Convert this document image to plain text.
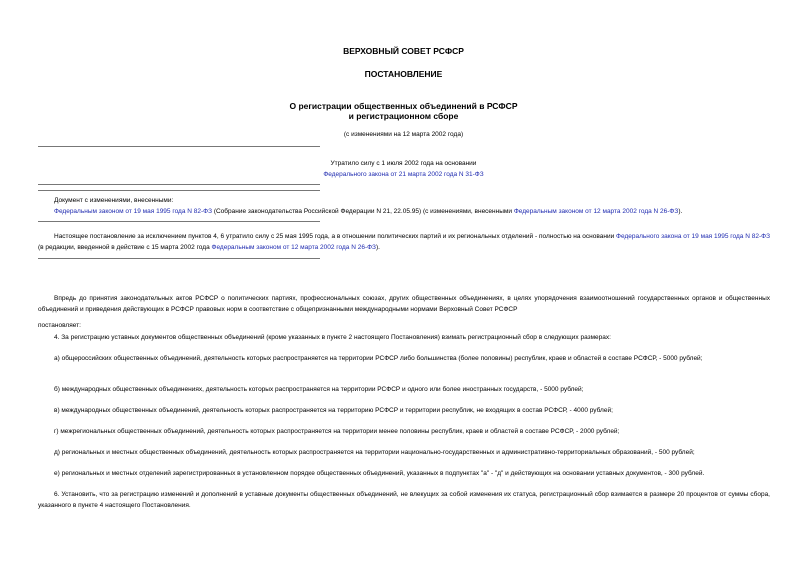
ВЕРХОВНЫЙ СОВЕТ РСФСР
ПОСТАНОВЛЕНИЕ
О регистрации общественных объединений в РСФСР
и регистрационном сборе
(с изменениями на 12 марта 2002 года)
Утратило силу с 1 июля 2002 года на основании
Федерального закона от 21 марта 2002 года N 31-ФЗ
Документ с изменениями, внесенными:
Федеральным законом от 19 мая 1995 года N 82-ФЗ (Собрание законодательства Российской Федерации N 21, 22.05.95) (с изменениями, внесенными Федеральным законом от 12 марта 2002 года N 26-ФЗ).
Настоящее постановление за исключением пунктов 4, 6 утратило силу с 25 мая 1995 года, а в отношении политических партий и их региональных отделений - полностью на основании Федерального закона от 19 мая 1995 года N 82-ФЗ (в редакции, введенной в действие с 15 марта 2002 года Федеральным законом от 12 марта 2002 года N 26-ФЗ).
Впредь до принятия законодательных актов РСФСР о политических партиях, профессиональных союзах, других общественных объединениях, в целях упорядочения взаимоотношений государственных органов и общественных объединений и приведения действующих в РСФСР правовых норм в соответствие с общепризнанными международными нормами Верховный Совет РСФСР
постановляет:
4. За регистрацию уставных документов общественных объединений (кроме указанных в пункте 2 настоящего Постановления) взимать регистрационный сбор в следующих размерах:
а) общероссийских общественных объединений, деятельность которых распространяется на территории РСФСР либо большинства (более половины) республик, краев и областей в составе РСФСР, - 5000 рублей;
б) международных общественных объединениях, деятельность которых распространяется на территории РСФСР и одного или более иностранных государств, - 5000 рублей;
в) международных общественных объединений, деятельность которых распространяется на территорию РСФСР и территории республик, не входящих в состав РСФСР, - 4000 рублей;
г) межрегиональных общественных объединений, деятельность которых распространяется на территории менее половины республик, краев и областей в составе РСФСР, - 2000 рублей;
д) региональных и местных общественных объединений, деятельность которых распространяется на территории национально-государственных и административно-территориальных образований, - 500 рублей;
е) региональных и местных отделений зарегистрированных в установленном порядке общественных объединений, указанных в подпунктах "а" - "д" и действующих на основании уставных документов, - 300 рублей.
6. Установить, что за регистрацию изменений и дополнений в уставные документы общественных объединений, не влекущих за собой изменения их статуса, регистрационный сбор взимается в размере 20 процентов от суммы сбора, указанного в пункте 4 настоящего Постановления.
